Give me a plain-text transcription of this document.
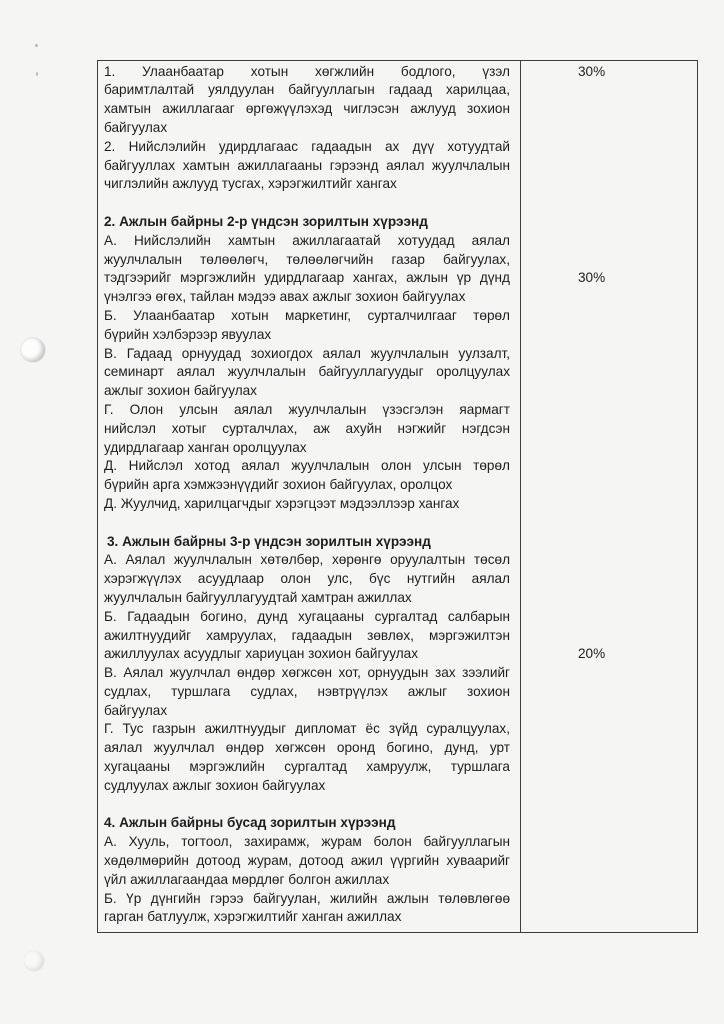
1. Улаанбаатар хотын хөгжлийн бодлого, үзэл
баримтлалтай уялдуулан байгууллагын гадаад харилцаа,
хамтын ажиллагааг өргөжүүлэхэд чиглэсэн ажлууд зохион
байгуулах
2. Нийслэлийн удирдлагаас гадаадын ах дүү хотуудтай
байгууллах хамтын ажиллагааны гэрээнд аялал жуулчлалын
чиглэлийн ажлууд тусгах, хэрэгжилтийг хангах
2. Ажлын байрны 2-р үндсэн зорилтын хүрээнд
А. Нийслэлийн хамтын ажиллагаатай хотуудад аялал
жуулчлалын төлөөлөгч, төлөөлөгчийн газар байгуулах,
тэдгээрийг мэргэжлийн удирдлагаар хангах, ажлын үр дүнд
үнэлгээ өгөх, тайлан мэдээ авах ажлыг зохион байгуулах
Б. Улаанбаатар хотын маркетинг, сурталчилгааг төрөл
бүрийн хэлбэрээр явуулах
В. Гадаад орнуудад зохиогдох аялал жуулчлалын уулзалт,
семинарт аялал жуулчлалын байгууллагуудыг оролцуулах
ажлыг зохион байгуулах
Г. Олон улсын аялал жуулчлалын үзэсгэлэн яармагт
нийслэл хотыг сурталчлах, аж ахуйн нэгжийг нэгдсэн
удирдлагаар ханган оролцуулах
Д. Нийслэл хотод аялал жуулчлалын олон улсын төрөл
бүрийн арга хэмжээнүүдийг зохион байгуулах, оролцох
Д. Жуулчид, харилцагчдыг хэрэгцээт мэдээллээр хангах
3. Ажлын байрны 3-р үндсэн зорилтын хүрээнд
А. Аялал жуулчлалын хөтөлбөр, хөрөнгө оруулалтын төсөл
хэрэгжүүлэх асуудлаар олон улс, бүс нутгийн аялал
жуулчлалын байгууллагуудтай хамтран ажиллах
Б. Гадаадын богино, дунд хугацааны сургалтад салбарын
ажилтнуудийг хамруулах, гадаадын зөвлөх, мэргэжилтэн
ажиллуулах асуудлыг хариуцан зохион байгуулах
В. Аялал жуулчлал өндөр хөгжсөн хот, орнуудын зах зээлийг
судлах, туршлага судлах, нэвтрүүлэх ажлыг зохион
байгуулах
Г. Тус газрын ажилтнуудыг дипломат ёс зүйд суралцуулах,
аялал жуулчлал өндөр хөгжсөн оронд богино, дунд, урт
хугацааны мэргэжлийн сургалтад хамруулж, туршлага
судлуулах ажлыг зохион байгуулах
4. Ажлын байрны бусад зорилтын хүрээнд
А. Хууль, тогтоол, захирамж, журам болон байгууллагын
хөдөлмөрийн дотоод журам, дотоод ажил үүргийн хуваарийг
үйл ажиллагаандаа мөрдлөг болгон ажиллах
Б. Үр дүнгийн гэрээ байгуулан, жилийн ажлын төлөвлөгөө
гарган батлуулж, хэрэгжилтийг ханган ажиллах
30%
30%
20%
